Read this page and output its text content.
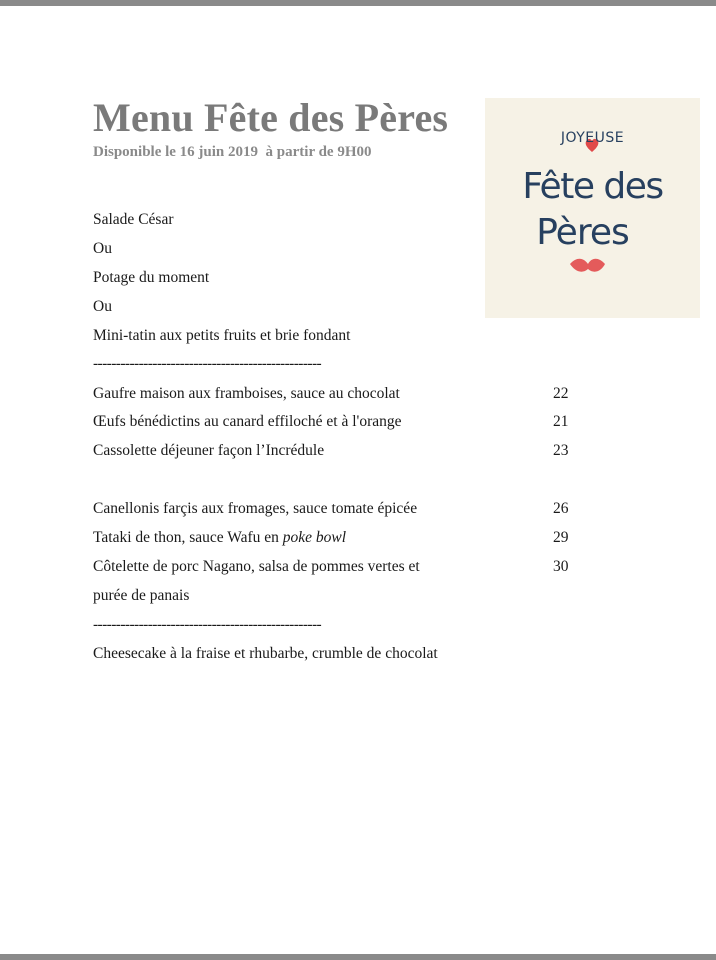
Menu Fête des Pères
Disponible le 16 juin 2019  à partir de 9H00
JOYEUSE
Fête des
Pères
Salade César
Ou
Potage du moment
Ou
Mini-tatin aux petits fruits et brie fondant
--------------------------------------------------
Gaufre maison aux framboises, sauce au chocolat	22
Œufs bénédictins au canard effiloché et à l'orange	21
Cassolette déjeuner façon l’Incrédule	23
Canellonis farçis aux fromages, sauce tomate épicée	26
Tataki de thon, sauce Wafu en poke bowl	29
Côtelette de porc Nagano, salsa de pommes vertes et	30
purée de panais
--------------------------------------------------
Cheesecake à la fraise et rhubarbe, crumble de chocolat
